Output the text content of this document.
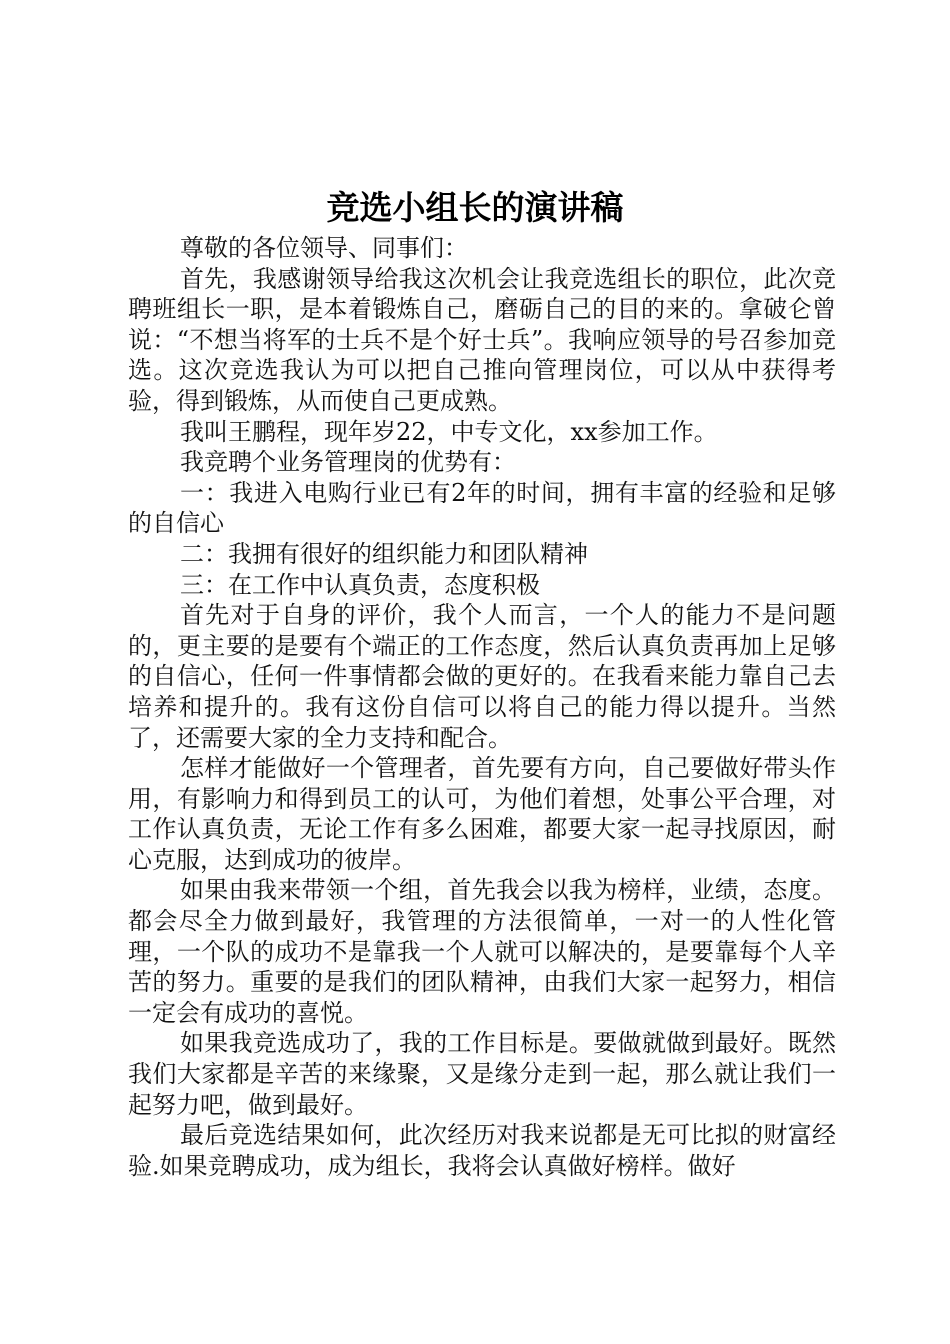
竞选小组长的演讲稿

尊敬的各位领导、同事们：

首先，我感谢领导给我这次机会让我竞选组长的职位，此次竞聘班组长一职，是本着锻炼自己，磨砺自己的目的来的。拿破仑曾说：“不想当将军的士兵不是个好士兵”。我响应领导的号召参加竞选。这次竞选我认为可以把自己推向管理岗位，可以从中获得考验，得到锻炼，从而使自己更成熟。

我叫王鹏程，现年岁22，中专文化，xx参加工作。

我竞聘个业务管理岗的优势有：

一：我进入电购行业已有2年的时间，拥有丰富的经验和足够的自信心

二：我拥有很好的组织能力和团队精神

三：在工作中认真负责，态度积极

首先对于自身的评价，我个人而言，一个人的能力不是问题的，更主要的是要有个端正的工作态度，然后认真负责再加上足够的自信心，任何一件事情都会做的更好的。在我看来能力靠自己去培养和提升的。我有这份自信可以将自己的能力得以提升。当然了，还需要大家的全力支持和配合。

怎样才能做好一个管理者，首先要有方向，自己要做好带头作用，有影响力和得到员工的认可，为他们着想，处事公平合理，对工作认真负责，无论工作有多么困难，都要大家一起寻找原因，耐心克服，达到成功的彼岸。

如果由我来带领一个组，首先我会以我为榜样，业绩，态度。都会尽全力做到最好，我管理的方法很简单，一对一的人性化管理，一个队的成功不是靠我一个人就可以解决的，是要靠每个人辛苦的努力。重要的是我们的团队精神，由我们大家一起努力，相信一定会有成功的喜悦。

如果我竞选成功了，我的工作目标是。要做就做到最好。既然我们大家都是辛苦的来缘聚，又是缘分走到一起，那么就让我们一起努力吧，做到最好。

最后竞选结果如何，此次经历对我来说都是无可比拟的财富经验.如果竞聘成功，成为组长，我将会认真做好榜样。做好
